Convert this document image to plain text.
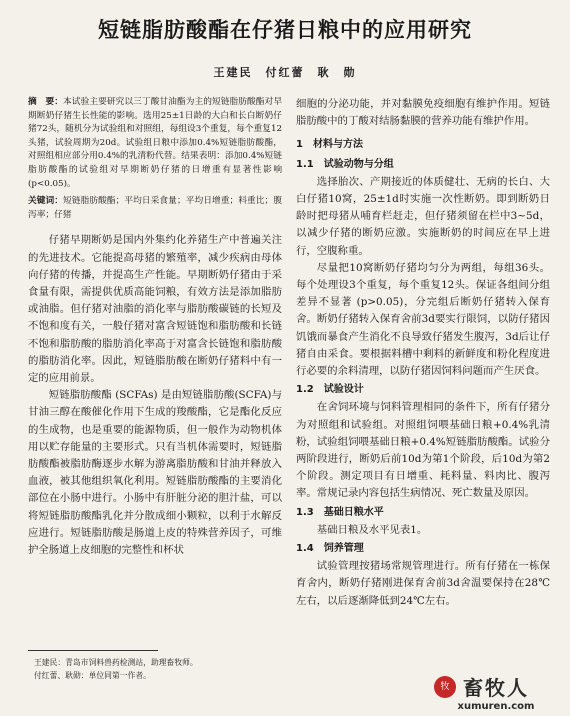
短链脂肪酸酯在仔猪日粮中的应用研究
王建民　付红蕾　耿　勋

摘　要：本试验主要研究以三丁酸甘油酯为主的短链脂肪酸酯对早期断奶仔猪生长性能的影响。选用25±1日龄的大白和长白断奶仔猪72头，随机分为试验组和对照组，每组设3个重复，每个重复12头猪，试验周期为20d。试验组日粮中添加0.4%短链脂肪酸酯，对照组相应部分用0.4%的乳清粉代替。结果表明：添加0.4%短链脂肪酸酯的试验组对早期断奶仔猪的日增重有显著性影响(p<0.05)。

关键词：短链脂肪酸酯；平均日采食量；平均日增重；料重比；腹泻率；仔猪

仔猪早期断奶是国内外集约化养猪生产中普遍关注的先进技术。它能提高母猪的繁殖率，减少疾病由母体向仔猪的传播，并提高生产性能。早期断奶仔猪由于采食量有限，需提供优质高能饲粮，有效方法是添加脂肪或油脂。但仔猪对油脂的消化率与脂肪酸碳链的长短及不饱和度有关，一般仔猪对富含短链饱和脂肪酸和长链不饱和脂肪酸的脂肪消化率高于对富含长链饱和脂肪酸的脂肪消化率。因此，短链脂肪酸在断奶仔猪料中有一定的应用前景。

短链脂肪酸酯 (SCFAs) 是由短链脂肪酸(SCFA)与甘油三醇在酸催化作用下生成的羧酸酯，它是酯化反应的生成物，也是重要的能源物质，但一般作为动物机体用以贮存能量的主要形式。只有当机体需要时，短链脂肪酸酯被脂肪酶逐步水解为游离脂肪酸和甘油并释放入血液，被其他组织氧化利用。短链脂肪酸酯的主要消化部位在小肠中进行。小肠中有肝脏分泌的胆汁盐，可以将短链脂肪酸酯乳化并分散成细小颗粒，以利于水解反应进行。短链脂肪酸是肠道上皮的特殊营养因子，可维护全肠道上皮细胞的完整性和杯状

细胞的分泌功能，并对黏膜免疫细胞有维护作用。短链脂肪酸中的丁酸对结肠黏膜的营养功能有维护作用。

1　材料与方法
1.1　试验动物与分组

选择胎次、产期接近的体质健壮、无病的长白、大白仔猪10窝，25±1d时实施一次性断奶。即到断奶日龄时把母猪从哺育栏赶走，但仔猪须留在栏中3~5d，以减少仔猪的断奶应激。实施断奶的时间应在早上进行，空腹称重。

尽量把10窝断奶仔猪均匀分为两组，每组36头。每个处理设3个重复，每个重复12头。保证各组间分组差异不显著 (p>0.05)，分完组后断奶仔猪转入保育舍。断奶仔猪转入保育舍前3d要实行限饲，以防仔猪因饥饿而暴食产生消化不良导致仔猪发生腹泻，3d后让仔猪自由采食。要根据料槽中剩料的新鲜度和粉化程度进行必要的余料清理，以防仔猪因饲料问题而产生厌食。

1.2　试验设计

在舍饲环境与饲料管理相同的条件下，所有仔猪分为对照组和试验组。对照组饲喂基础日粮+0.4%乳清粉，试验组饲喂基础日粮+0.4%短链脂肪酸酯。试验分两阶段进行，断奶后前10d为第1个阶段，后10d为第2个阶段。测定项目有日增重、耗料量、料肉比、腹泻率。常规记录内容包括生病情况、死亡数量及原因。

1.3　基础日粮水平

基础日粮及水平见表1。

1.4　饲养管理

试验管理按猪场常规管理进行。所有仔猪在一栋保育舍内，断奶仔猪刚进保育舍前3d舍温要保持在28℃左右，以后逐渐降低到24℃左右。

王建民：青岛市饲料兽药检测站，助理畜牧师。
付红蕾、耿勋：单位同第一作者。
牧 畜牧人
xumuren.com
